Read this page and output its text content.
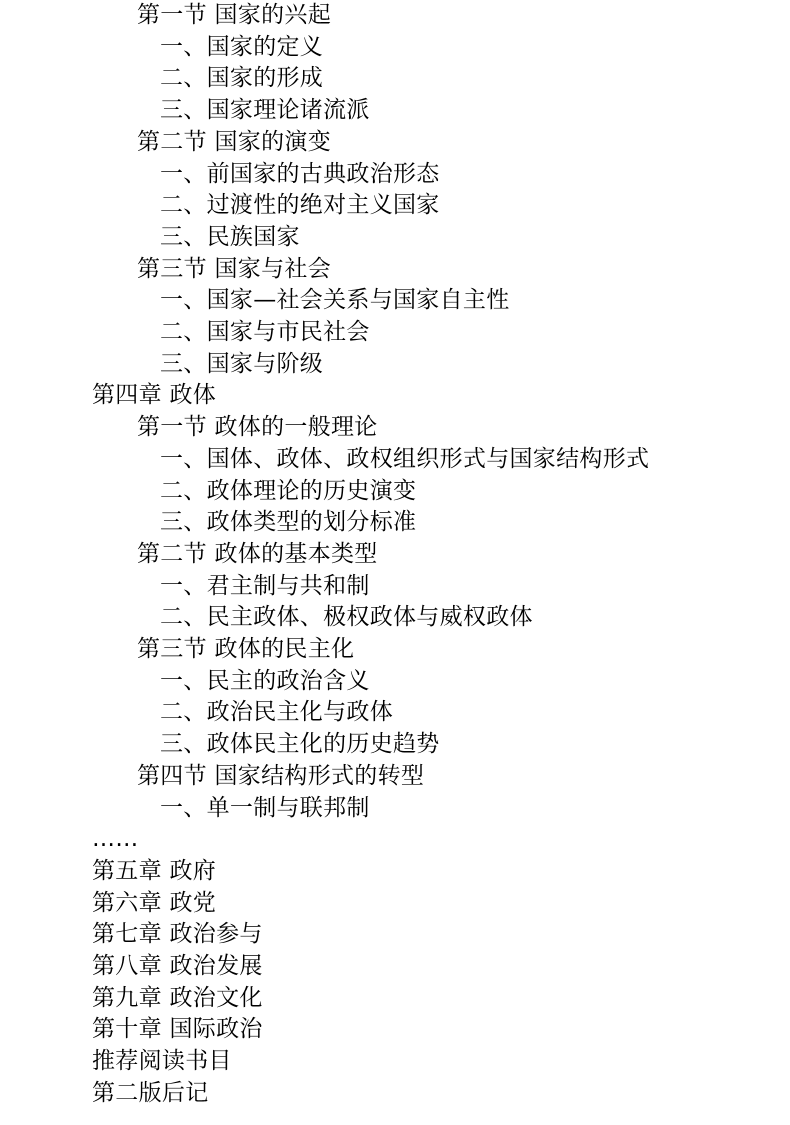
第一节 国家的兴起
一、国家的定义
二、国家的形成
三、国家理论诸流派
第二节 国家的演变
一、前国家的古典政治形态
二、过渡性的绝对主义国家
三、民族国家
第三节 国家与社会
一、国家—社会关系与国家自主性
二、国家与市民社会
三、国家与阶级
第四章 政体
第一节 政体的一般理论
一、国体、政体、政权组织形式与国家结构形式
二、政体理论的历史演变
三、政体类型的划分标准
第二节 政体的基本类型
一、君主制与共和制
二、民主政体、极权政体与威权政体
第三节 政体的民主化
一、民主的政治含义
二、政治民主化与政体
三、政体民主化的历史趋势
第四节 国家结构形式的转型
一、单一制与联邦制
……
第五章 政府
第六章 政党
第七章 政治参与
第八章 政治发展
第九章 政治文化
第十章 国际政治
推荐阅读书目
第二版后记
